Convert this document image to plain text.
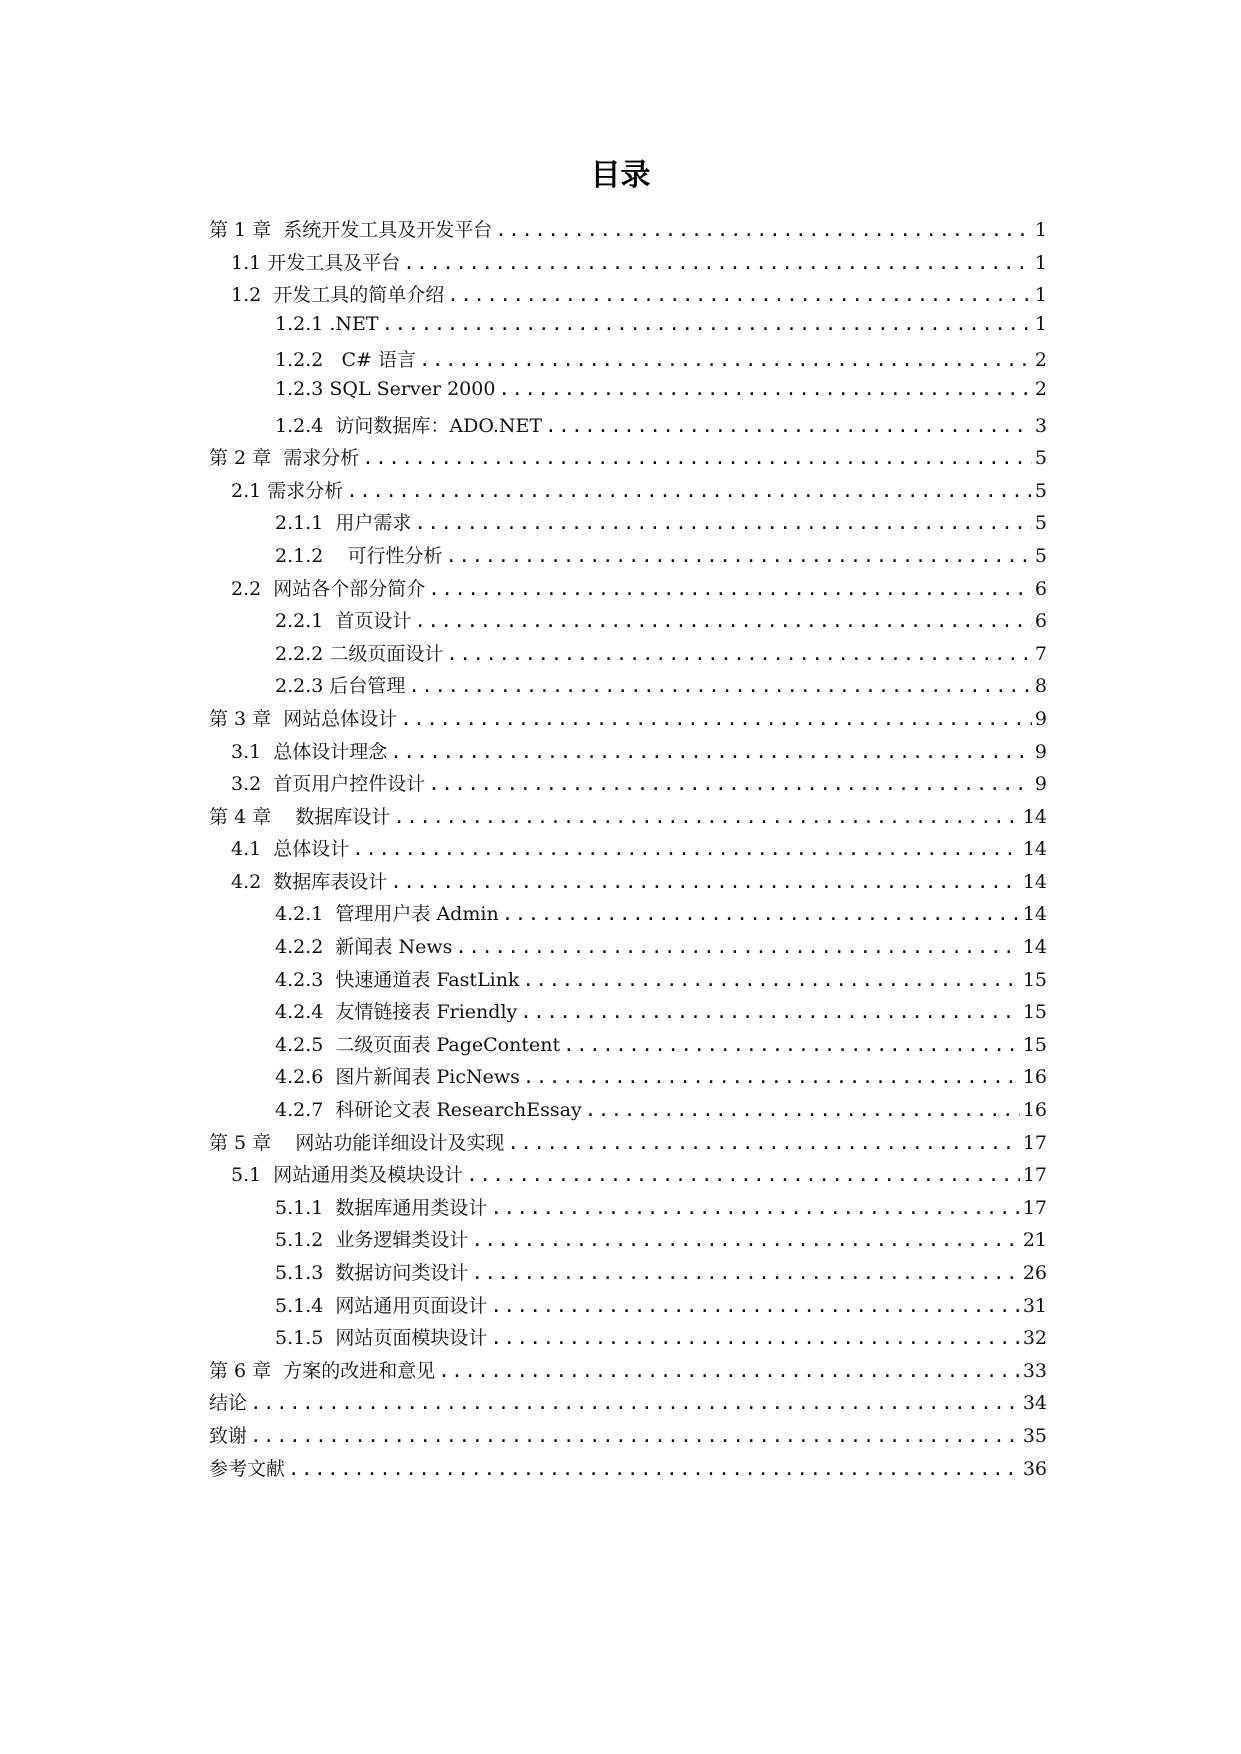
目录
第 1 章  系统开发工具及开发平台 .....	1
1.1 开发工具及平台 .....	1
1.2  开发工具的简单介绍 .....	1
1.2.1 .NET .....	1
1.2.2   C# 语言 .....	2
1.2.3 SQL Server 2000 .....	2
1.2.4  访问数据库：ADO.NET .....	3
第 2 章  需求分析 .....	5
2.1 需求分析 .....	5
2.1.1  用户需求 .....	5
2.1.2    可行性分析 .....	5
2.2  网站各个部分简介 .....	6
2.2.1  首页设计 .....	6
2.2.2 二级页面设计 .....	7
2.2.3 后台管理 .....	8
第 3 章  网站总体设计 .....	9
3.1  总体设计理念 .....	9
3.2  首页用户控件设计 .....	9
第 4 章    数据库设计 .....	14
4.1  总体设计 .....	14
4.2  数据库表设计 .....	14
4.2.1  管理用户表 Admin .....	14
4.2.2  新闻表 News .....	14
4.2.3  快速通道表 FastLink .....	15
4.2.4  友情链接表 Friendly .....	15
4.2.5  二级页面表 PageContent .....	15
4.2.6  图片新闻表 PicNews .....	16
4.2.7  科研论文表 ResearchEssay .....	16
第 5 章    网站功能详细设计及实现 .....	17
5.1  网站通用类及模块设计 .....	17
5.1.1  数据库通用类设计 .....	17
5.1.2  业务逻辑类设计 .....	21
5.1.3  数据访问类设计 .....	26
5.1.4  网站通用页面设计 .....	31
5.1.5  网站页面模块设计 .....	32
第 6 章  方案的改进和意见 .....	33
结论 .....	34
致谢 .....	35
参考文献 .....	36
